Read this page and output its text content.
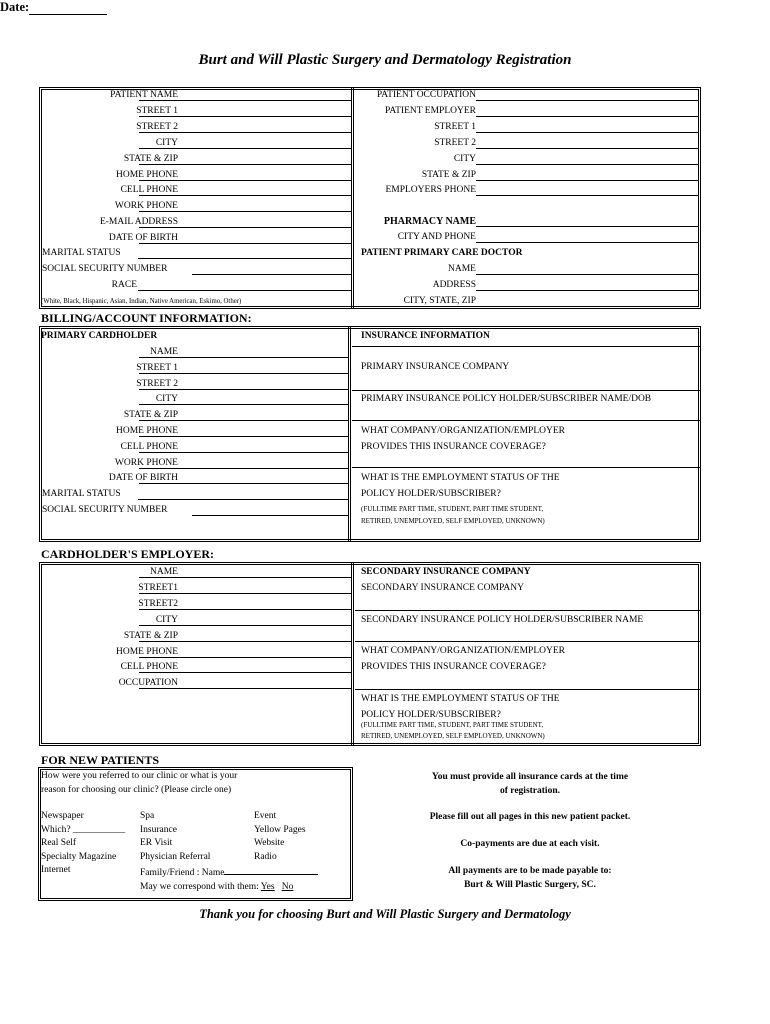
Burt and Will Plastic Surgery and Dermatology Registration
Date:
PATIENT NAME
STREET 1
STREET 2
CITY
STATE & ZIP
HOME PHONE
CELL PHONE
WORK PHONE
E-MAIL ADDRESS
DATE OF BIRTH
PATIENT OCCUPATION
PATIENT EMPLOYER
STREET 1
STREET 2
CITY
STATE & ZIP
EMPLOYERS PHONE
PHARMACY NAME
CITY AND PHONE
PATIENT PRIMARY CARE DOCTOR
NAME
ADDRESS
CITY, STATE, ZIP
MARITAL STATUS
SOCIAL SECURITY NUMBER
RACE
(White, Black, Hispanic, Asian, Indian, Native American, Eskimo, Other)
BILLING/ACCOUNT INFORMATION:
PRIMARY CARDHOLDER
NAME
STREET 1
STREET 2
CITY
STATE & ZIP
HOME PHONE
CELL PHONE
WORK PHONE
DATE OF BIRTH
MARITAL STATUS
SOCIAL SECURITY NUMBER
INSURANCE INFORMATION
PRIMARY INSURANCE COMPANY
PRIMARY INSURANCE POLICY HOLDER/SUBSCRIBER NAME/DOB
WHAT COMPANY/ORGANIZATION/EMPLOYER
PROVIDES THIS INSURANCE COVERAGE?
WHAT IS THE EMPLOYMENT STATUS OF THE
POLICY HOLDER/SUBSCRIBER?
(FULLTIME PART TIME, STUDENT, PART TIME STUDENT,
RETIRED, UNEMPLOYED, SELF EMPLOYED, UNKNOWN)
CARDHOLDER'S EMPLOYER:
NAME
STREET1
STREET2
CITY
STATE & ZIP
HOME PHONE
CELL PHONE
OCCUPATION
SECONDARY INSURANCE COMPANY
SECONDARY INSURANCE COMPANY
SECONDARY INSURANCE POLICY HOLDER/SUBSCRIBER NAME
WHAT COMPANY/ORGANIZATION/EMPLOYER
PROVIDES THIS INSURANCE COVERAGE?
WHAT IS THE EMPLOYMENT STATUS OF THE
POLICY HOLDER/SUBSCRIBER?
(FULLTIME PART TIME, STUDENT, PART TIME STUDENT,
RETIRED, UNEMPLOYED, SELF EMPLOYED, UNKNOWN)
FOR NEW PATIENTS
How were you referred to our clinic or what is your
reason for choosing our clinic? (Please circle one)
Newspaper
Which? ___________
Real Self
Specialty Magazine
Internet
Spa
Insurance
ER Visit
Physician Referral
Family/Friend : Name
May we correspond with them: Yes No
Event
Yellow Pages
Website
Radio
You must provide all insurance cards at the time
of registration.
Please fill out all pages in this new patient packet.
Co-payments are due at each visit.
All payments are to be made payable to:
Burt & Will Plastic Surgery, SC.
Thank you for choosing Burt and Will Plastic Surgery and Dermatology
